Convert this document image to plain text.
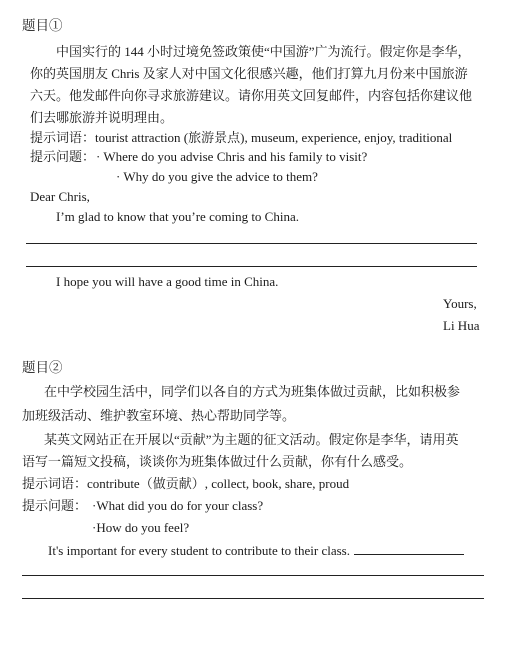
题目①
中国实行的 144 小时过境免签政策使“中国游”广为流行。假定你是李华，
你的英国朋友 Chris 及家人对中国文化很感兴趣，他们打算九月份来中国旅游
六天。他发邮件向你寻求旅游建议。请你用英文回复邮件，内容包括你建议他
们去哪旅游并说明理由。
提示词语：tourist attraction (旅游景点), museum, experience, enjoy, traditional
提示问题： · Where do you advise Chris and his family to visit?
· Why do you give the advice to them?
Dear Chris,
I’m glad to know that you’re coming to China.
I hope you will have a good time in China.
Yours,
Li Hua
题目②
在中学校园生活中，同学们以各自的方式为班集体做过贡献，比如积极参
加班级活动、维护教室环境、热心帮助同学等。
某英文网站正在开展以“贡献”为主题的征文活动。假定你是李华，请用英
语写一篇短文投稿，谈谈你为班集体做过什么贡献，你有什么感受。
提示词语：contribute（做贡献）, collect, book, share, proud
提示问题： ·What did you do for your class?
·How do you feel?
It's important for every student to contribute to their class.
